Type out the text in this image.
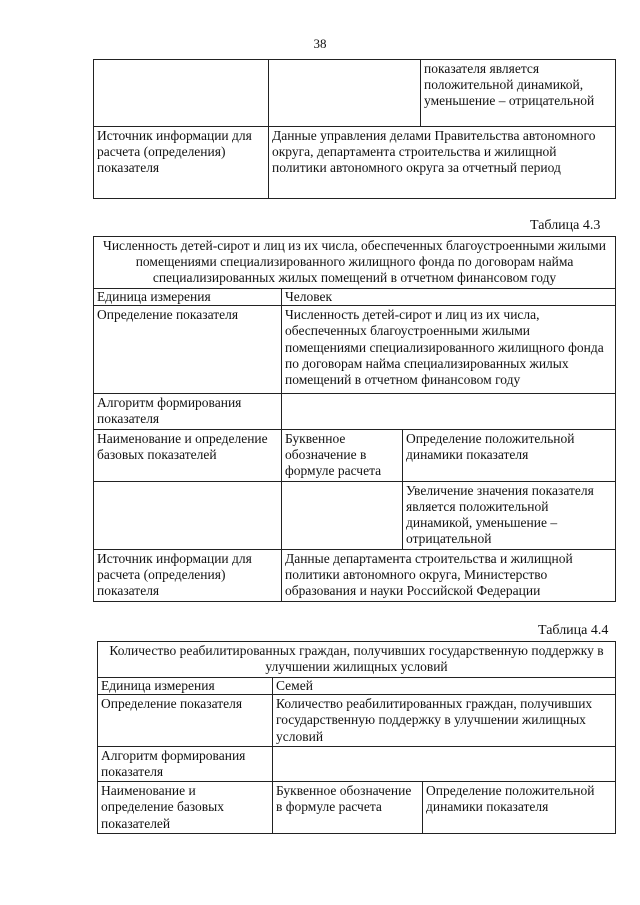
38
		показателя является положительной динамикой, уменьшение – отрицательной
Источник информации для расчета (определения) показателя	Данные управления делами Правительства автономного округа, департамента строительства и жилищной политики автономного округа за отчетный период	
Таблица 4.3
Численность детей-сирот и лиц из их числа, обеспеченных благоустроенными жилыми помещениями специализированного жилищного фонда по договорам найма специализированных жилых помещений в отчетном финансовом году		
Единица измерения	Человек	
Определение показателя	Численность детей-сирот и лиц из их числа, обеспеченных благоустроенными жилыми помещениями специализированного жилищного фонда по договорам найма специализированных жилых помещений в отчетном финансовом году	
Алгоритм формирования показателя		
Наименование и определение базовых показателей	Буквенное обозначение в формуле расчета	Определение положительной динамики показателя
		Увеличение значения показателя является положительной динамикой, уменьшение – отрицательной
Источник информации для расчета (определения) показателя	Данные департамента строительства и жилищной политики автономного округа, Министерство образования и науки Российской Федерации	
Таблица 4.4
Количество реабилитированных граждан, получивших государственную поддержку в улучшении жилищных условий		
Единица измерения	Семей	
Определение показателя	Количество реабилитированных граждан, получивших государственную поддержку в улучшении жилищных условий	
Алгоритм формирования показателя		
Наименование и определение базовых показателей	Буквенное обозначение в формуле расчета	Определение положительной динамики показателя
